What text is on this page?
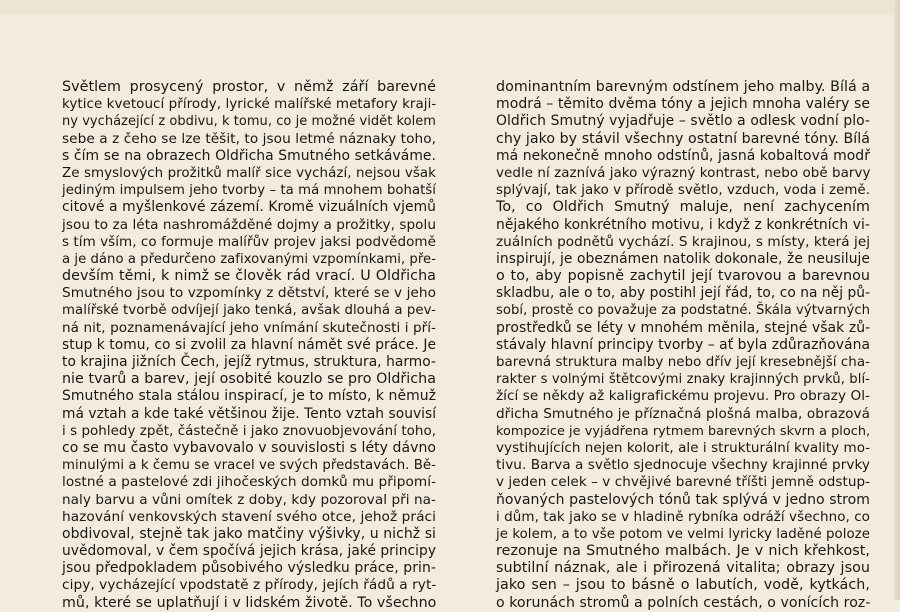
Světlem prosycený prostor, v němž září barevné
kytice kvetoucí přírody, lyrické malířské metafory kraji-
ny vycházející z obdivu, k tomu, co je možné vidět kolem
sebe a z čeho se lze těšit, to jsou letmé náznaky toho,
s čím se na obrazech Oldřicha Smutného setkáváme.
Ze smyslových prožitků malíř sice vychází, nejsou však
jediným impulsem jeho tvorby – ta má mnohem bohatší
citové a myšlenkové zázemí. Kromě vizuálních vjemů
jsou to za léta nashromážděné dojmy a prožitky, spolu
s tím vším, co formuje malířův projev jaksi podvědomě
a je dáno a předurčeno zafixovanými vzpomínkami, pře-
devším těmi, k nimž se člověk rád vrací. U Oldřicha
Smutného jsou to vzpomínky z dětství, které se v jeho
malířské tvorbě odvíjejí jako tenká, avšak dlouhá a pev-
ná nit, poznamenávající jeho vnímání skutečnosti i pří-
stup k tomu, co si zvolil za hlavní námět své práce. Je
to krajina jižních Čech, jejíž rytmus, struktura, harmo-
nie tvarů a barev, její osobité kouzlo se pro Oldřicha
Smutného stala stálou inspirací, je to místo, k němuž
má vztah a kde také většinou žije. Tento vztah souvisí
i s pohledy zpět, částečně i jako znovuobjevování toho,
co se mu často vybavovalo v souvislosti s léty dávno
minulými a k čemu se vracel ve svých představách. Bě-
lostné a pastelové zdi jihočeských domků mu připomí-
naly barvu a vůni omítek z doby, kdy pozoroval při na-
hazování venkovských stavení svého otce, jehož práci
obdivoval, stejně tak jako matčiny výšivky, u nichž si
uvědomoval, v čem spočívá jejich krása, jaké principy
jsou předpokladem působivého výsledku práce, prin-
cipy, vycházející vpodstatě z přírody, jejích řádů a ryt-
mů, které se uplatňují i v lidském životě. To všechno
dominantním barevným odstínem jeho malby. Bílá a
modrá – těmito dvěma tóny a jejich mnoha valéry se
Oldřich Smutný vyjadřuje – světlo a odlesk vodní plo-
chy jako by stávil všechny ostatní barevné tóny. Bílá
má nekonečně mnoho odstínů, jasná kobaltová modř
vedle ní zaznívá jako výrazný kontrast, nebo obě barvy
splývají, tak jako v přírodě světlo, vzduch, voda i země.
To, co Oldřich Smutný maluje, není zachycením
nějakého konkrétního motivu, i když z konkrétních vi-
zuálních podnětů vychází. S krajinou, s místy, která jej
inspirují, je obeznámen natolik dokonale, že neusiluje
o to, aby popisně zachytil její tvarovou a barevnou
skladbu, ale o to, aby postihl její řád, to, co na něj pů-
sobí, prostě co považuje za podstatné. Škála výtvarných
prostředků se léty v mnohém měnila, stejné však zů-
stávaly hlavní principy tvorby – ať byla zdůrazňována
barevná struktura malby nebo dřív její kresebnější cha-
rakter s volnými štětcovými znaky krajinných prvků, blí-
žící se někdy až kaligrafickému projevu. Pro obrazy Ol-
dřicha Smutného je příznačná plošná malba, obrazová
kompozice je vyjádřena rytmem barevných skvrn a ploch,
vystihujících nejen kolorit, ale i strukturální kvality mo-
tivu. Barva a světlo sjednocuje všechny krajinné prvky
v jeden celek – v chvějivé barevné tříšti jemně odstup-
ňovaných pastelových tónů tak splývá v jedno strom
i dům, tak jako se v hladině rybníka odráží všechno, co
je kolem, a to vše potom ve velmi lyricky laděné poloze
rezonuje na Smutného malbách. Je v nich křehkost,
subtilní náznak, ale i přirozená vitalita; obrazy jsou
jako sen – jsou to básně o labutích, vodě, kytkách,
o korunách stromů a polních cestách, o vonících roz-
